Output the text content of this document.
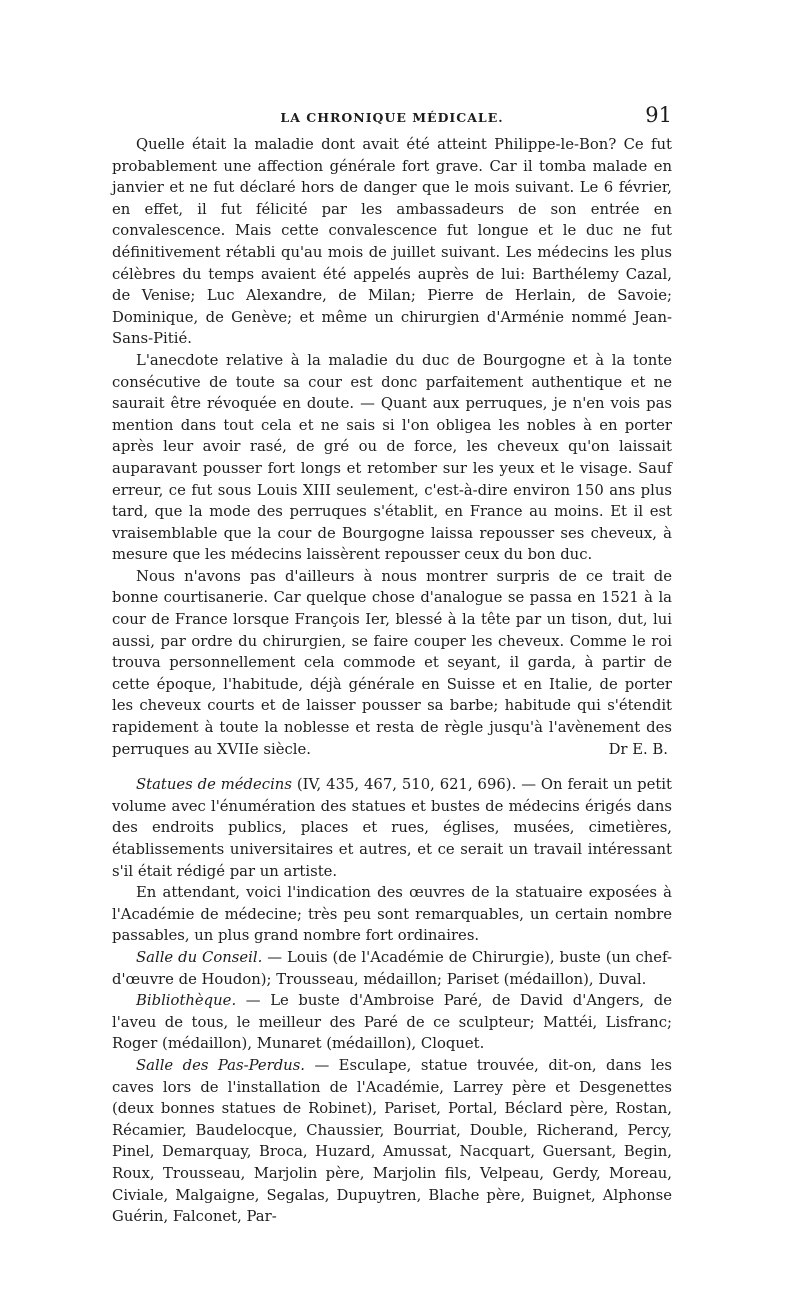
LA CHRONIQUE MÉDICALE.	91

Quelle était la maladie dont avait été atteint Philippe-le-Bon? Ce fut probablement une affection générale fort grave. Car il tomba malade en janvier et ne fut déclaré hors de danger que le mois suivant. Le 6 février, en effet, il fut félicité par les ambassadeurs de son entrée en convalescence. Mais cette convalescence fut longue et le duc ne fut définitivement rétabli qu'au mois de juillet suivant. Les médecins les plus célèbres du temps avaient été appelés auprès de lui: Barthélemy Cazal, de Venise; Luc Alexandre, de Milan; Pierre de Herlain, de Savoie; Dominique, de Genève; et même un chirurgien d'Arménie nommé Jean-Sans-Pitié.

L'anecdote relative à la maladie du duc de Bourgogne et à la tonte consécutive de toute sa cour est donc parfaitement authentique et ne saurait être révoquée en doute. — Quant aux perruques, je n'en vois pas mention dans tout cela et ne sais si l'on obligea les nobles à en porter après leur avoir rasé, de gré ou de force, les cheveux qu'on laissait auparavant pousser fort longs et retomber sur les yeux et le visage. Sauf erreur, ce fut sous Louis XIII seulement, c'est-à-dire environ 150 ans plus tard, que la mode des perruques s'établit, en France au moins. Et il est vraisemblable que la cour de Bourgogne laissa repousser ses cheveux, à mesure que les médecins laissèrent repousser ceux du bon duc.

Nous n'avons pas d'ailleurs à nous montrer surpris de ce trait de bonne courtisanerie. Car quelque chose d'analogue se passa en 1521 à la cour de France lorsque François Ier, blessé à la tête par un tison, dut, lui aussi, par ordre du chirurgien, se faire couper les cheveux. Comme le roi trouva personnellement cela commode et seyant, il garda, à partir de cette époque, l'habitude, déjà générale en Suisse et en Italie, de porter les cheveux courts et de laisser pousser sa barbe; habitude qui s'étendit rapidement à toute la noblesse et resta de règle jusqu'à l'avènement des perruques au XVIIe siècle.	Dr E. B.

Statues de médecins (IV, 435, 467, 510, 621, 696). — On ferait un petit volume avec l'énumération des statues et bustes de médecins érigés dans des endroits publics, places et rues, églises, musées, cimetières, établissements universitaires et autres, et ce serait un travail intéressant s'il était rédigé par un artiste.

En attendant, voici l'indication des œuvres de la statuaire exposées à l'Académie de médecine; très peu sont remarquables, un certain nombre passables, un plus grand nombre fort ordinaires.

Salle du Conseil. — Louis (de l'Académie de Chirurgie), buste (un chef-d'œuvre de Houdon); Trousseau, médaillon; Pariset (médaillon), Duval.

Bibliothèque. — Le buste d'Ambroise Paré, de David d'Angers, de l'aveu de tous, le meilleur des Paré de ce sculpteur; Mattéi, Lisfranc; Roger (médaillon), Munaret (médaillon), Cloquet.

Salle des Pas-Perdus. — Esculape, statue trouvée, dit-on, dans les caves lors de l'installation de l'Académie, Larrey père et Desgenettes (deux bonnes statues de Robinet), Pariset, Portal, Béclard père, Rostan, Récamier, Baudelocque, Chaussier, Bourriat, Double, Richerand, Percy, Pinel, Demarquay, Broca, Huzard, Amussat, Nacquart, Guersant, Begin, Roux, Trousseau, Marjolin père, Marjolin fils, Velpeau, Gerdy, Moreau, Civiale, Malgaigne, Segalas, Dupuytren, Blache père, Buignet, Alphonse Guérin, Falconet, Par-
